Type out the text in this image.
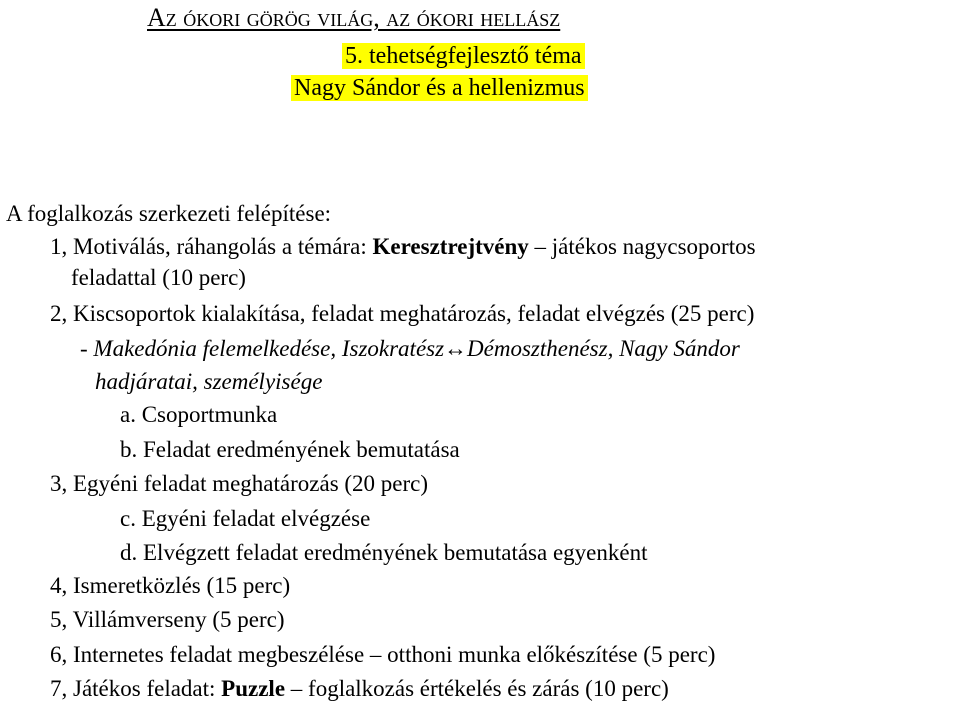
Az ókori görög világ, az ókori hellász
5. tehetségfejlesztő téma
Nagy Sándor és a hellenizmus
A foglalkozás szerkezeti felépítése:
1, Motiválás, ráhangolás a témára: Keresztrejtvény – játékos nagycsoportos
feladattal (10 perc)
2, Kiscsoportok kialakítása, feladat meghatározás, feladat elvégzés (25 perc)
- Makedónia felemelkedése, Iszokratész↔Démoszthenész, Nagy Sándor
hadjáratai, személyisége
a. Csoportmunka
b. Feladat eredményének bemutatása
3, Egyéni feladat meghatározás (20 perc)
c. Egyéni feladat elvégzése
d. Elvégzett feladat eredményének bemutatása egyenként
4, Ismeretközlés (15 perc)
5, Villámverseny (5 perc)
6, Internetes feladat megbeszélése – otthoni munka előkészítése (5 perc)
7, Játékos feladat: Puzzle – foglalkozás értékelés és zárás (10 perc)
